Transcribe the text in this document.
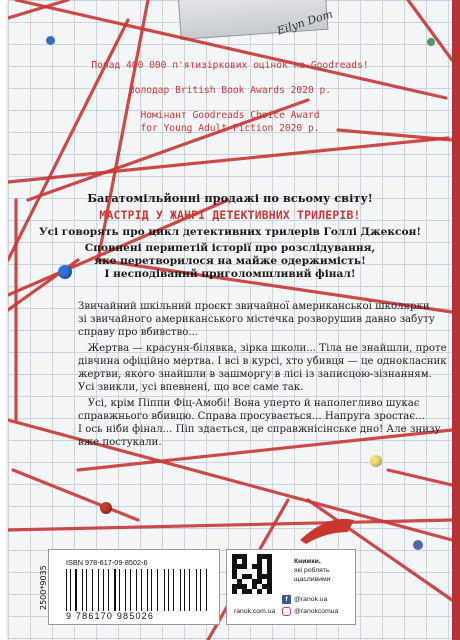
Eilyn Dom
Понад 400 000 п'ятизіркових оцінок на Goodreads!
Володар British Book Awards 2020 р.
Номінант Goodreads Choice Award
for Young Adult Fiction 2020 р.
Багатомільйонні продажі по всьому світу!
МАСТРІД У ЖАНРІ ДЕТЕКТИВНИХ ТРИЛЕРІВ!
Усі говорять про цикл детективних трилерів Голлі Джексон!
Сповнені перипетій історії про розслідування,
яке перетворилося на майже одержимість!
І несподіваний приголомшливий фінал!
Звичайний шкільний проєкт звичайної американської школярки
зі звичайного американського містечка розворушив давно забуту
справу про вбивство...
Жертва — красуня-білявка, зірка школи... Тіла не знайшли, проте
дівчина офіційно мертва. І всі в курсі, хто убивця — це однокласник
жертви, якого знайшли в зашморгу в лісі із записцою-зізнанням.
Усі звикли, усі впевнені, що все саме так.
Усі, крім Піппи Фіц-Амобі! Вона уперто й наполегливо шукає
справжнього вбивцю. Справа просувається... Напруга зростає...
І ось ніби фінал... Піп здається, це справжнісінське дно! Але знизу
вже постукали.
ISBN 978-617-09-8502-6
9 786170 985026
2500*9035
Книжки,
які роблять
щасливими
ranok.com.ua
f @ranok.ua
@ranokcomua
